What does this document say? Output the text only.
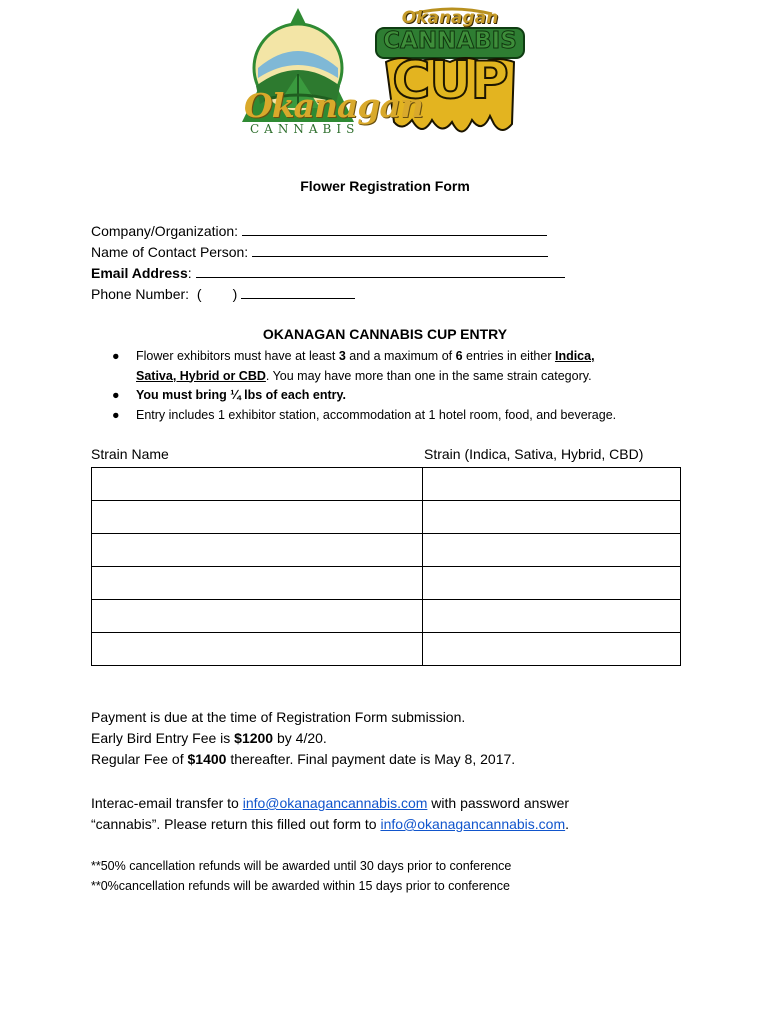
Okanagan
CANNABIS
CUP
Okanagan
CANNABIS
Flower Registration Form
Company/Organization:
Name of Contact Person:
Email Address:
Phone Number:  (        )
OKANAGAN CANNABIS CUP ENTRY
● Flower exhibitors must have at least 3 and a maximum of 6 entries in either Indica,
Sativa, Hybrid or CBD. You may have more than one in the same strain category.
● You must bring ¼ lbs of each entry.
● Entry includes 1 exhibitor station, accommodation at 1 hotel room, food, and beverage.
Strain Name	Strain (Indica, Sativa, Hybrid, CBD)

Payment is due at the time of Registration Form submission.
Early Bird Entry Fee is $1200 by 4/20.
Regular Fee of $1400 thereafter. Final payment date is May 8, 2017.
Interac-email transfer to info@okanagancannabis.com with password answer
“cannabis”. Please return this filled out form to info@okanagancannabis.com.
**50% cancellation refunds will be awarded until 30 days prior to conference
**0%cancellation refunds will be awarded within 15 days prior to conference
